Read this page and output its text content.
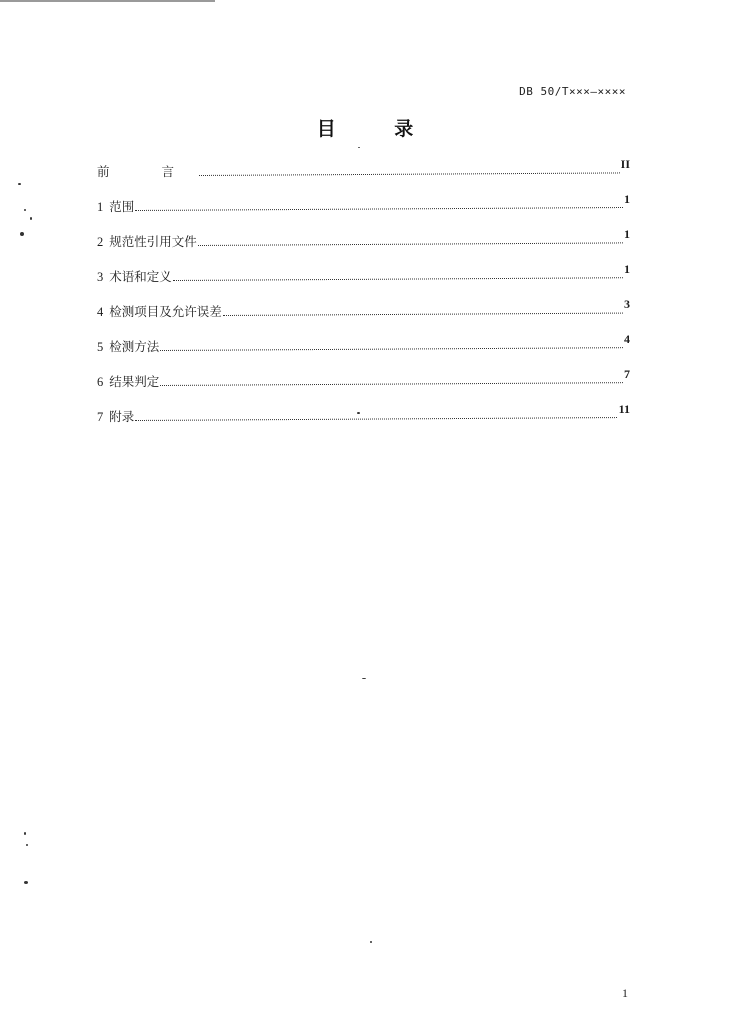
DB 50/T×××—××××
目 录
前 言	II
1 范围	1
2 规范性引用文件	1
3 术语和定义	1
4 检测项目及允许误差	3
5 检测方法	4
6 结果判定	7
7 附录	11
1
